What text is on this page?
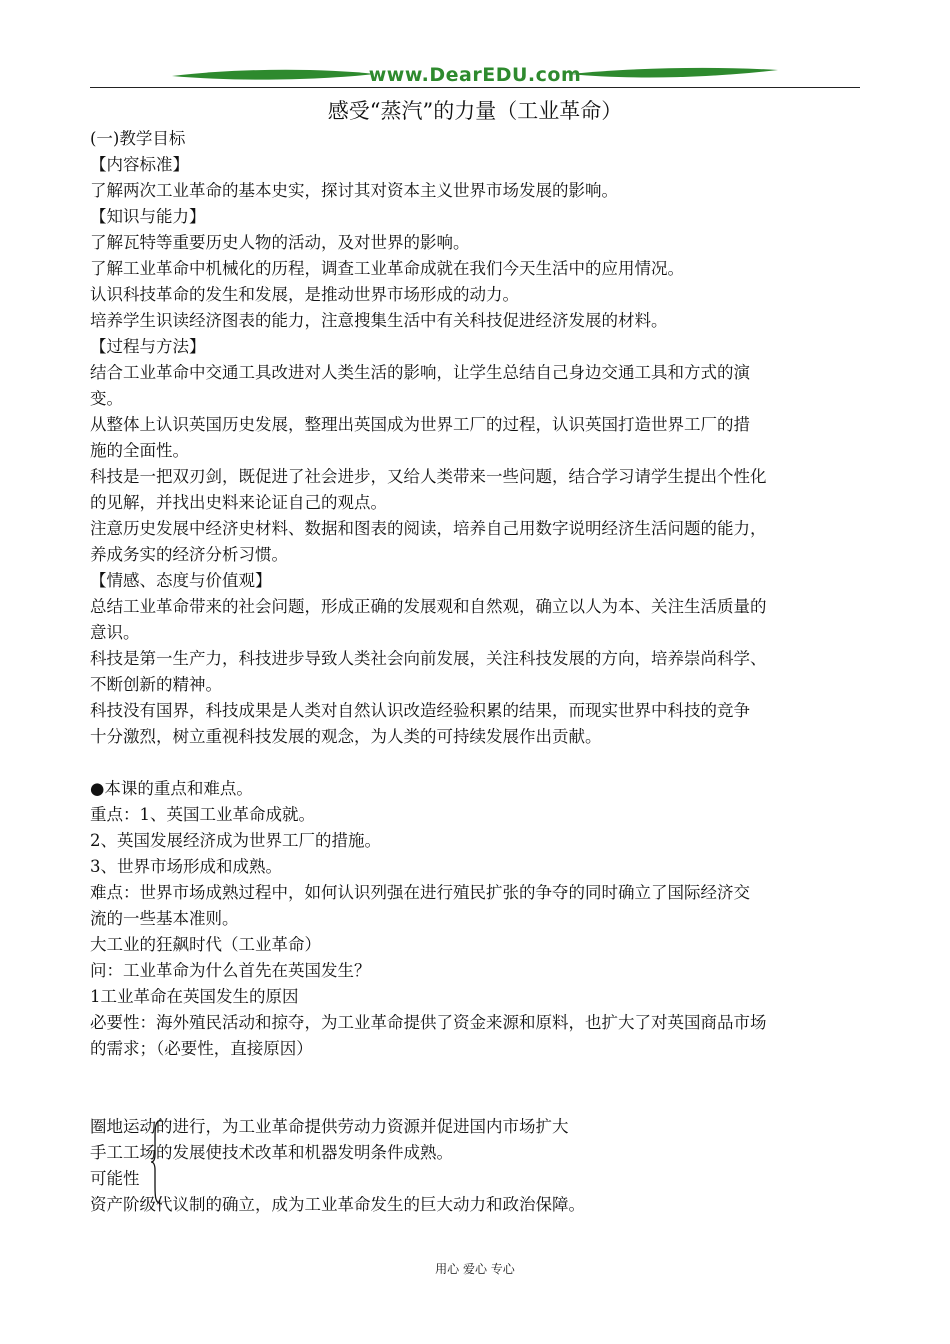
www.DearEDU.com
感受“蒸汽”的力量（工业革命）
(一)教学目标
【内容标准】
了解两次工业革命的基本史实，探讨其对资本主义世界市场发展的影响。
【知识与能力】
了解瓦特等重要历史人物的活动，及对世界的影响。
了解工业革命中机械化的历程，调查工业革命成就在我们今天生活中的应用情况。
认识科技革命的发生和发展，是推动世界市场形成的动力。
培养学生识读经济图表的能力，注意搜集生活中有关科技促进经济发展的材料。
【过程与方法】
结合工业革命中交通工具改进对人类生活的影响，让学生总结自己身边交通工具和方式的演
变。
从整体上认识英国历史发展，整理出英国成为世界工厂的过程，认识英国打造世界工厂的措
施的全面性。
科技是一把双刃剑，既促进了社会进步，又给人类带来一些问题，结合学习请学生提出个性化
的见解，并找出史料来论证自己的观点。
注意历史发展中经济史材料、数据和图表的阅读，培养自己用数字说明经济生活问题的能力，
养成务实的经济分析习惯。
【情感、态度与价值观】
总结工业革命带来的社会问题，形成正确的发展观和自然观，确立以人为本、关注生活质量的
意识。
科技是第一生产力，科技进步导致人类社会向前发展，关注科技发展的方向，培养崇尚科学、
不断创新的精神。
科技没有国界，科技成果是人类对自然认识改造经验积累的结果，而现实世界中科技的竞争
十分激烈，树立重视科技发展的观念，为人类的可持续发展作出贡献。
●本课的重点和难点。
重点：1、英国工业革命成就。
2、英国发展经济成为世界工厂的措施。
3、世界市场形成和成熟。
难点：世界市场成熟过程中，如何认识列强在进行殖民扩张的争夺的同时确立了国际经济交
流的一些基本准则。
大工业的狂飙时代（工业革命）
问：工业革命为什么首先在英国发生？
1工业革命在英国发生的原因
必要性：海外殖民活动和掠夺，为工业革命提供了资金来源和原料，也扩大了对英国商品市场
的需求；（必要性，直接原因）
圈地运动的进行，为工业革命提供劳动力资源并促进国内市场扩大
手工工场的发展使技术改革和机器发明条件成熟。
可能性
资产阶级代议制的确立，成为工业革命发生的巨大动力和政治保障。
用心 爱心 专心
